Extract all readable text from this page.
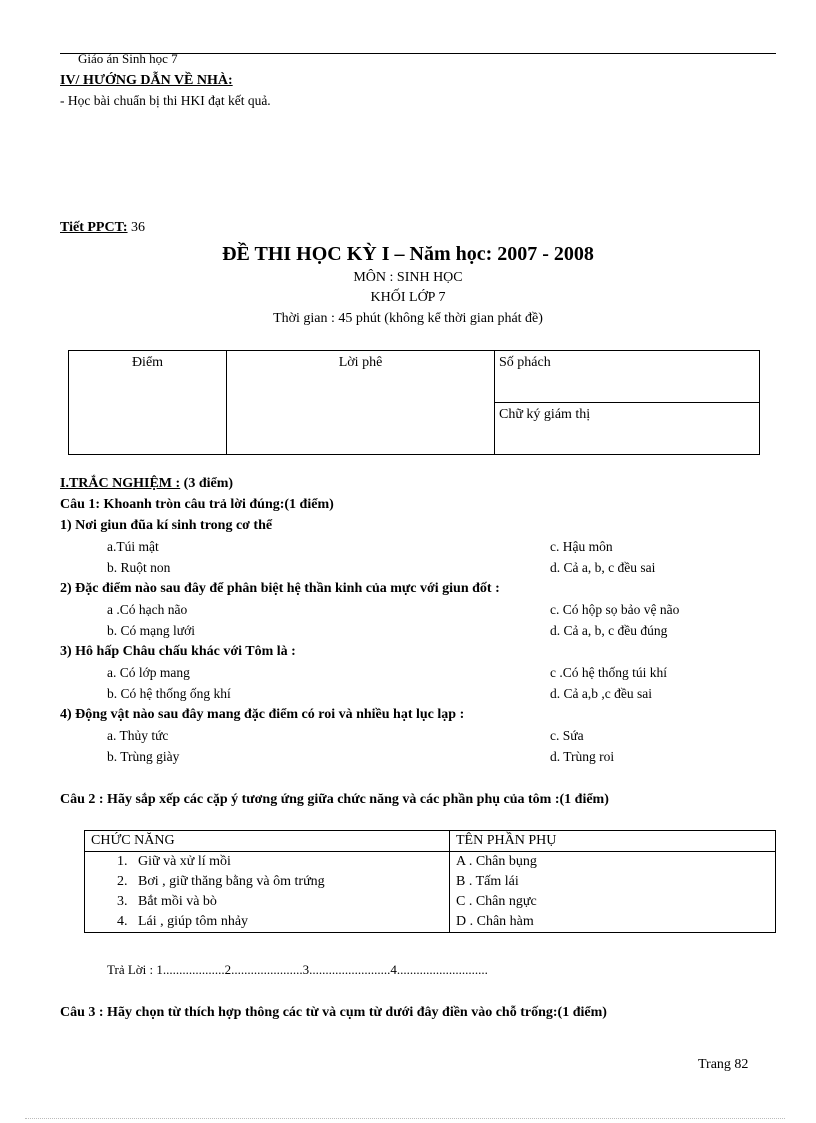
Giáo án Sinh học 7
IV/ HƯỚNG DẪN VỀ NHÀ:
- Học bài chuẩn bị thi HKI đạt kết quả.
Tiết PPCT: 36
ĐỀ THI HỌC KỲ I – Năm học: 2007 - 2008
MÔN : SINH HỌC
KHỐI LỚP 7
Thời gian : 45 phút (không kể thời gian phát đề)
Điểm	Lời phê	Số phách
Chữ ký giám thị
I.TRẮC NGHIỆM : (3 điểm)
Câu 1: Khoanh tròn câu trả lời đúng:(1 điểm)
1) Nơi giun đũa kí sinh trong cơ thể
a.Túi mật	c. Hậu môn
b. Ruột non	d. Cả a, b, c đều sai
2) Đặc điểm nào sau đây để phân biệt hệ thần kinh của mực với giun đốt :
a .Có hạch não	c. Có hộp sọ bảo vệ não
b. Có mạng lưới	d. Cả a, b, c đều đúng
3) Hô hấp Châu chấu khác với Tôm là :
a. Có lớp mang	c .Có hệ thống túi khí
b. Có hệ thống ống khí	d. Cả a,b ,c đều sai
4) Động vật nào sau đây mang đặc điểm có roi và nhiều hạt lục lạp :
a. Thủy tức	c. Sứa
b. Trùng giày	d. Trùng roi
Câu 2 : Hãy sắp xếp các cặp ý tương ứng giữa chức năng và các phần phụ của tôm :(1 điểm)
CHỨC NĂNG	TÊN PHẦN PHỤ
1. Giữ và xử lí mồi	A . Chân bụng
2. Bơi , giữ thăng bằng và ôm trứng	B . Tấm lái
3. Bắt mồi và bò	C . Chân ngực
4. Lái , giúp tôm nhảy	D . Chân hàm
Trả Lời : 1...................2......................3.........................4............................
Câu 3 : Hãy chọn từ thích hợp thông các từ và cụm từ dưới đây điền vào chỗ trống:(1 điểm)
Trang 82
